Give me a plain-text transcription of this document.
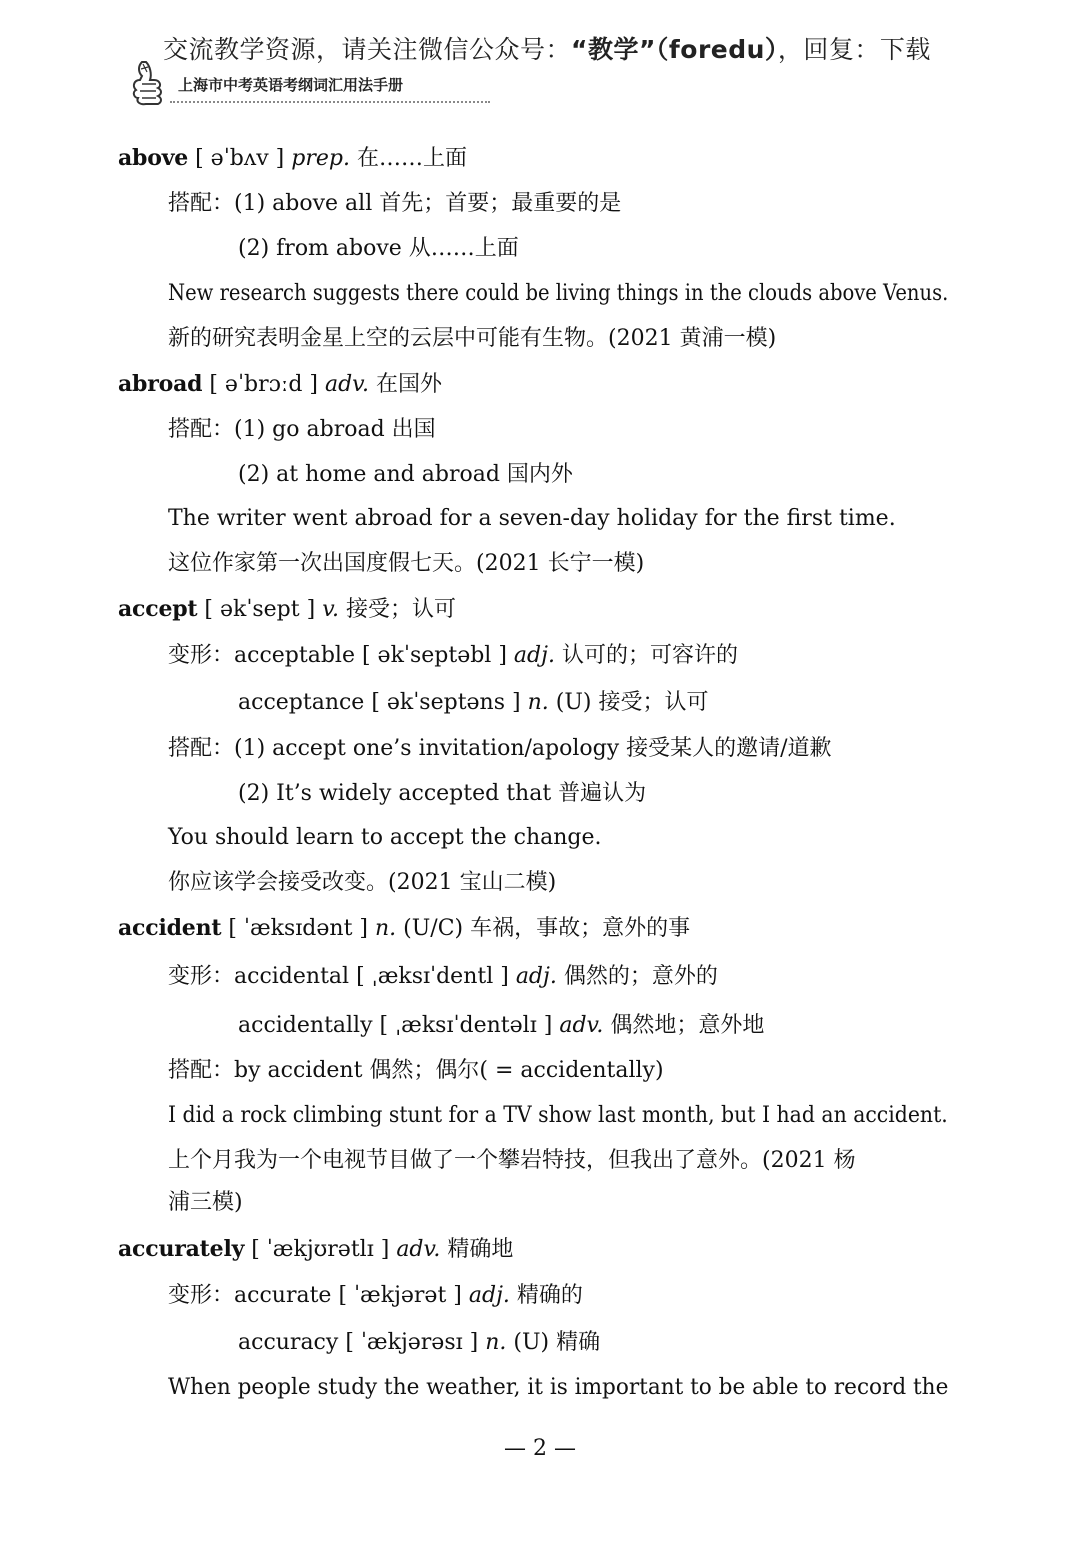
交流教学资源，请关注微信公众号：“教学”（foredu），回复：下载
上海市中考英语考纲词汇用法手册
above [ əˈbʌv ] prep. 在……上面
搭配：(1) above all 首先；首要；最重要的是
(2) from above 从……上面
New research suggests there could be living things in the clouds above Venus.
新的研究表明金星上空的云层中可能有生物。(2021 黄浦一模)
abroad [ əˈbrɔːd ] adv. 在国外
搭配：(1) go abroad 出国
(2) at home and abroad 国内外
The writer went abroad for a seven-day holiday for the first time.
这位作家第一次出国度假七天。(2021 长宁一模)
accept [ əkˈsept ] v. 接受；认可
变形：acceptable [ əkˈseptəbl ] adj. 认可的；可容许的
acceptance [ əkˈseptəns ] n. (U) 接受；认可
搭配：(1) accept one’s invitation/apology 接受某人的邀请/道歉
(2) It’s widely accepted that 普遍认为
You should learn to accept the change.
你应该学会接受改变。(2021 宝山二模)
accident [ ˈæksɪdənt ] n. (U/C) 车祸，事故；意外的事
变形：accidental [ ˌæksɪˈdentl ] adj. 偶然的；意外的
accidentally [ ˌæksɪˈdentəlɪ ] adv. 偶然地；意外地
搭配：by accident 偶然；偶尔( = accidentally)
I did a rock climbing stunt for a TV show last month, but I had an accident.
上个月我为一个电视节目做了一个攀岩特技，但我出了意外。(2021 杨
浦三模)
accurately [ ˈækjʊrətlɪ ] adv. 精确地
变形：accurate [ ˈækjərət ] adj. 精确的
accuracy [ ˈækjərəsɪ ] n. (U) 精确
When people study the weather, it is important to be able to record the
— 2 —
